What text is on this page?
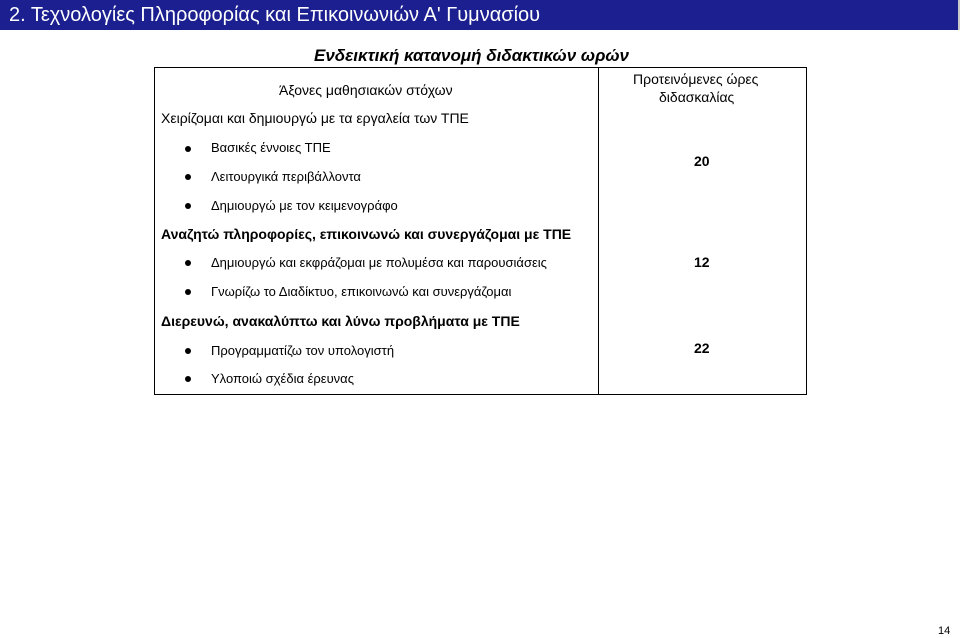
2. Τεχνολογίες Πληροφορίας και Επικοινωνιών Α' Γυμνασίου
Ενδεικτική κατανομή διδακτικών ωρών
Άξονες μαθησιακών στόχων
Προτεινόμενες ώρες
διδασκαλίας
Χειρίζομαι και δημιουργώ με τα εργαλεία των ΤΠΕ
Βασικές έννοιες ΤΠΕ
Λειτουργικά περιβάλλοντα
Δημιουργώ με τον κειμενογράφο
20
Αναζητώ πληροφορίες, επικοινωνώ και συνεργάζομαι με ΤΠΕ
Δημιουργώ και εκφράζομαι με πολυμέσα και παρουσιάσεις
Γνωρίζω το Διαδίκτυο, επικοινωνώ και συνεργάζομαι
12
Διερευνώ, ανακαλύπτω και λύνω προβλήματα με ΤΠΕ
Προγραμματίζω τον υπολογιστή
Υλοποιώ σχέδια έρευνας
22
14
